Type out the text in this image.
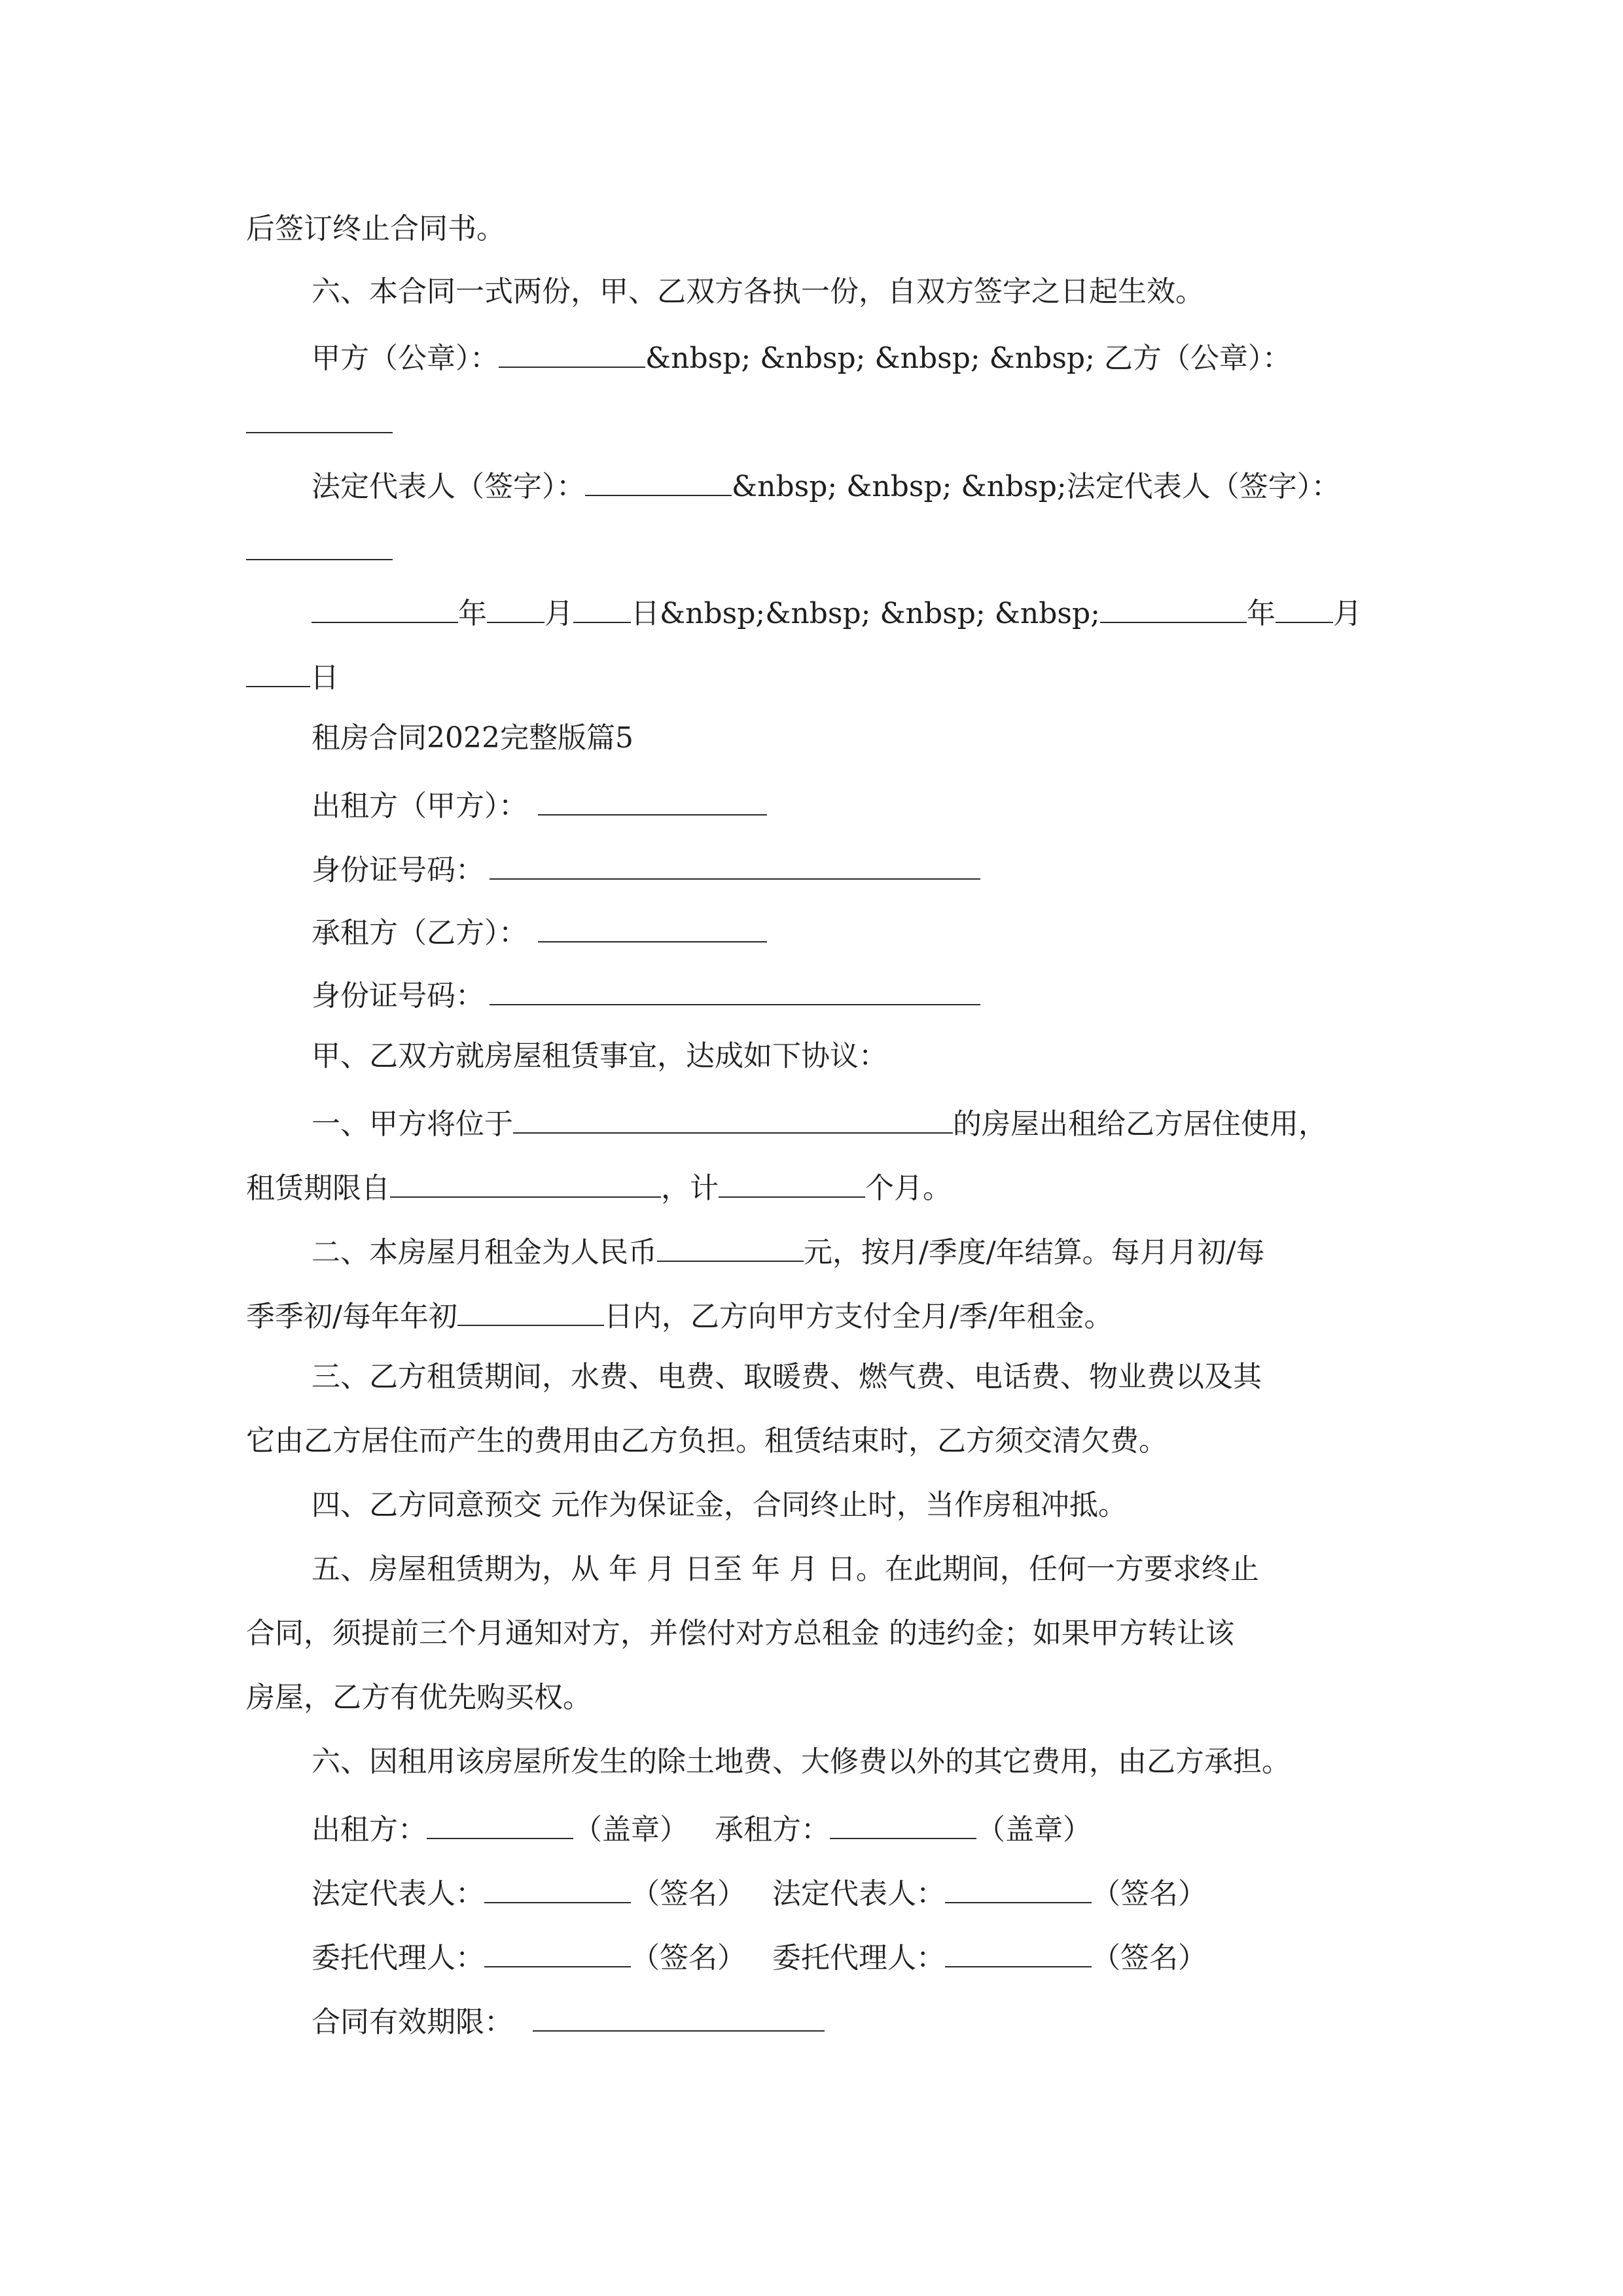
后签订终止合同书。

六、本合同一式两份，甲、乙双方各执一份，自双方签字之日起生效。

甲方（公章）：	&nbsp; &nbsp; &nbsp; &nbsp; 乙方（公章）：

法定代表人（签字）：	&nbsp; &nbsp; &nbsp;法定代表人（签字）：

年 月 日&nbsp;&nbsp; &nbsp; &nbsp;	年 月

日

租房合同2022完整版篇5

出租方（甲方）：

身份证号码：

承租方（乙方）：

身份证号码：

甲、乙双方就房屋租赁事宜，达成如下协议：

一、甲方将位于	的房屋出租给乙方居住使用，

租赁期限自	，计	个月。

二、本房屋月租金为人民币	元，按月/季度/年结算。每月月初/每

季季初/每年年初	日内，乙方向甲方支付全月/季/年租金。

三、乙方租赁期间，水费、电费、取暖费、燃气费、电话费、物业费以及其

它由乙方居住而产生的费用由乙方负担。租赁结束时，乙方须交清欠费。

四、乙方同意预交 元作为保证金，合同终止时，当作房租冲抵。

五、房屋租赁期为，从 年 月 日至 年 月 日。在此期间，任何一方要求终止

合同，须提前三个月通知对方，并偿付对方总租金 的违约金；如果甲方转让该

房屋，乙方有优先购买权。

六、因租用该房屋所发生的除土地费、大修费以外的其它费用，由乙方承担。

出租方：	（盖章） 承租方：	（盖章）

法定代表人：	（签名） 法定代表人：	（签名）

委托代理人：	（签名） 委托代理人：	（签名）

合同有效期限：
